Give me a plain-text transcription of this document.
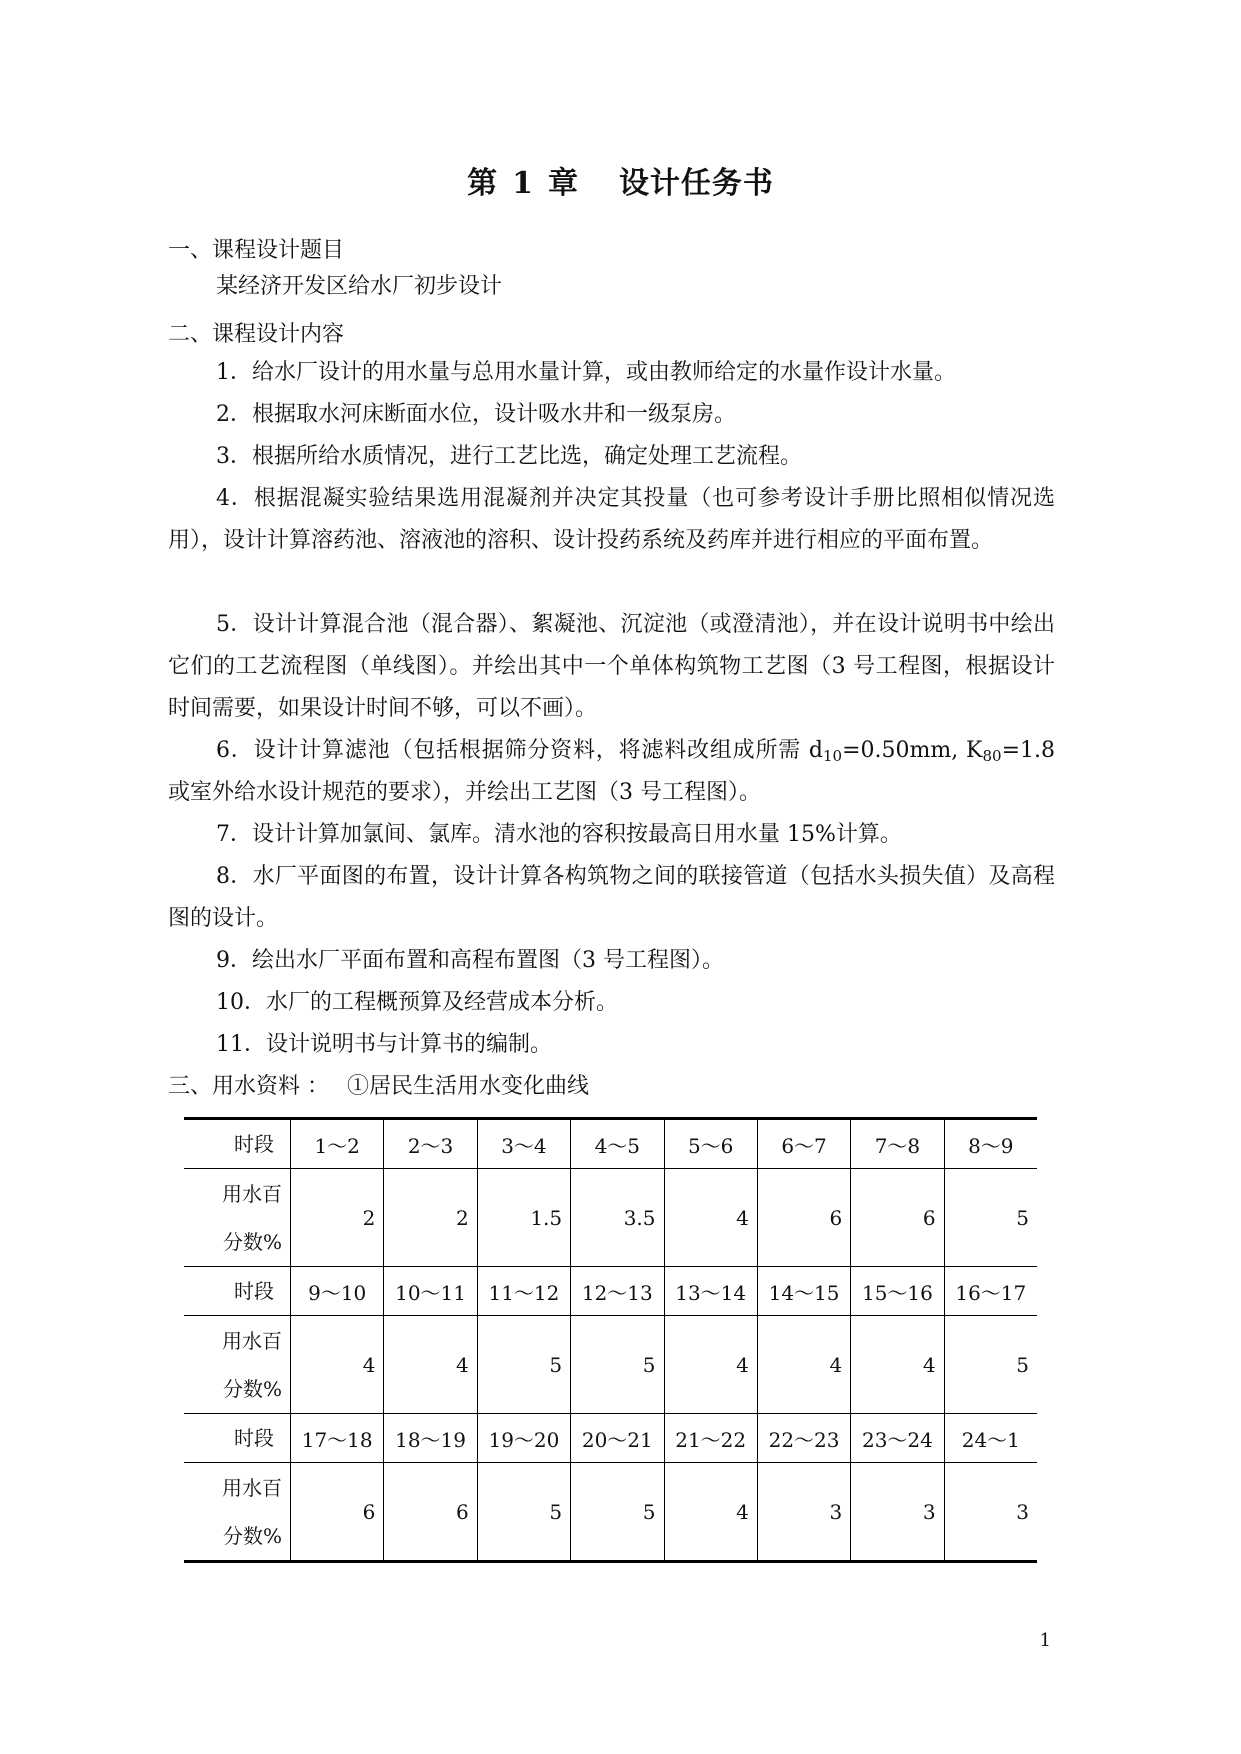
第 1 章 设计任务书
一、课程设计题目
某经济开发区给水厂初步设计
二、课程设计内容
1．给水厂设计的用水量与总用水量计算，或由教师给定的水量作设计水量。
2．根据取水河床断面水位，设计吸水井和一级泵房。
3．根据所给水质情况，进行工艺比选，确定处理工艺流程。
4．根据混凝实验结果选用混凝剂并决定其投量（也可参考设计手册比照相似情况选用），设计计算溶药池、溶液池的溶积、设计投药系统及药库并进行相应的平面布置。
5．设计计算混合池（混合器）、絮凝池、沉淀池（或澄清池），并在设计说明书中绘出它们的工艺流程图（单线图）。并绘出其中一个单体构筑物工艺图（3 号工程图，根据设计时间需要，如果设计时间不够，可以不画）。
6．设计计算滤池（包括根据筛分资料，将滤料改组成所需 $d_{10}=0.50mm$, $K_{80}=1.8$ 或室外给水设计规范的要求），并绘出工艺图（3 号工程图）。
7．设计计算加氯间、氯库。清水池的容积按最高日用水量 15%计算。
8．水厂平面图的布置，设计计算各构筑物之间的联接管道（包括水头损失值）及高程图的设计。
9．绘出水厂平面布置和高程布置图（3 号工程图）。
10．水厂的工程概预算及经营成本分析。
11．设计说明书与计算书的编制。
三、用水资料 ： ①居民生活用水变化曲线
时段	1～2	2～3	3～4	4～5	5～6	6～7	7～8	8～9

用水百
分数%	2	2	1.5	3.5	4	6	6	5
时段	9～10	10～11	11～12	12～13	13～14	14～15	15～16	16～17

用水百
分数%	4	4	5	5	4	4	4	5
时段	17～18	18～19	19～20	20～21	21～22	22～23	23～24	24～1

用水百
分数%	6	6	5	5	4	3	3	3
1
